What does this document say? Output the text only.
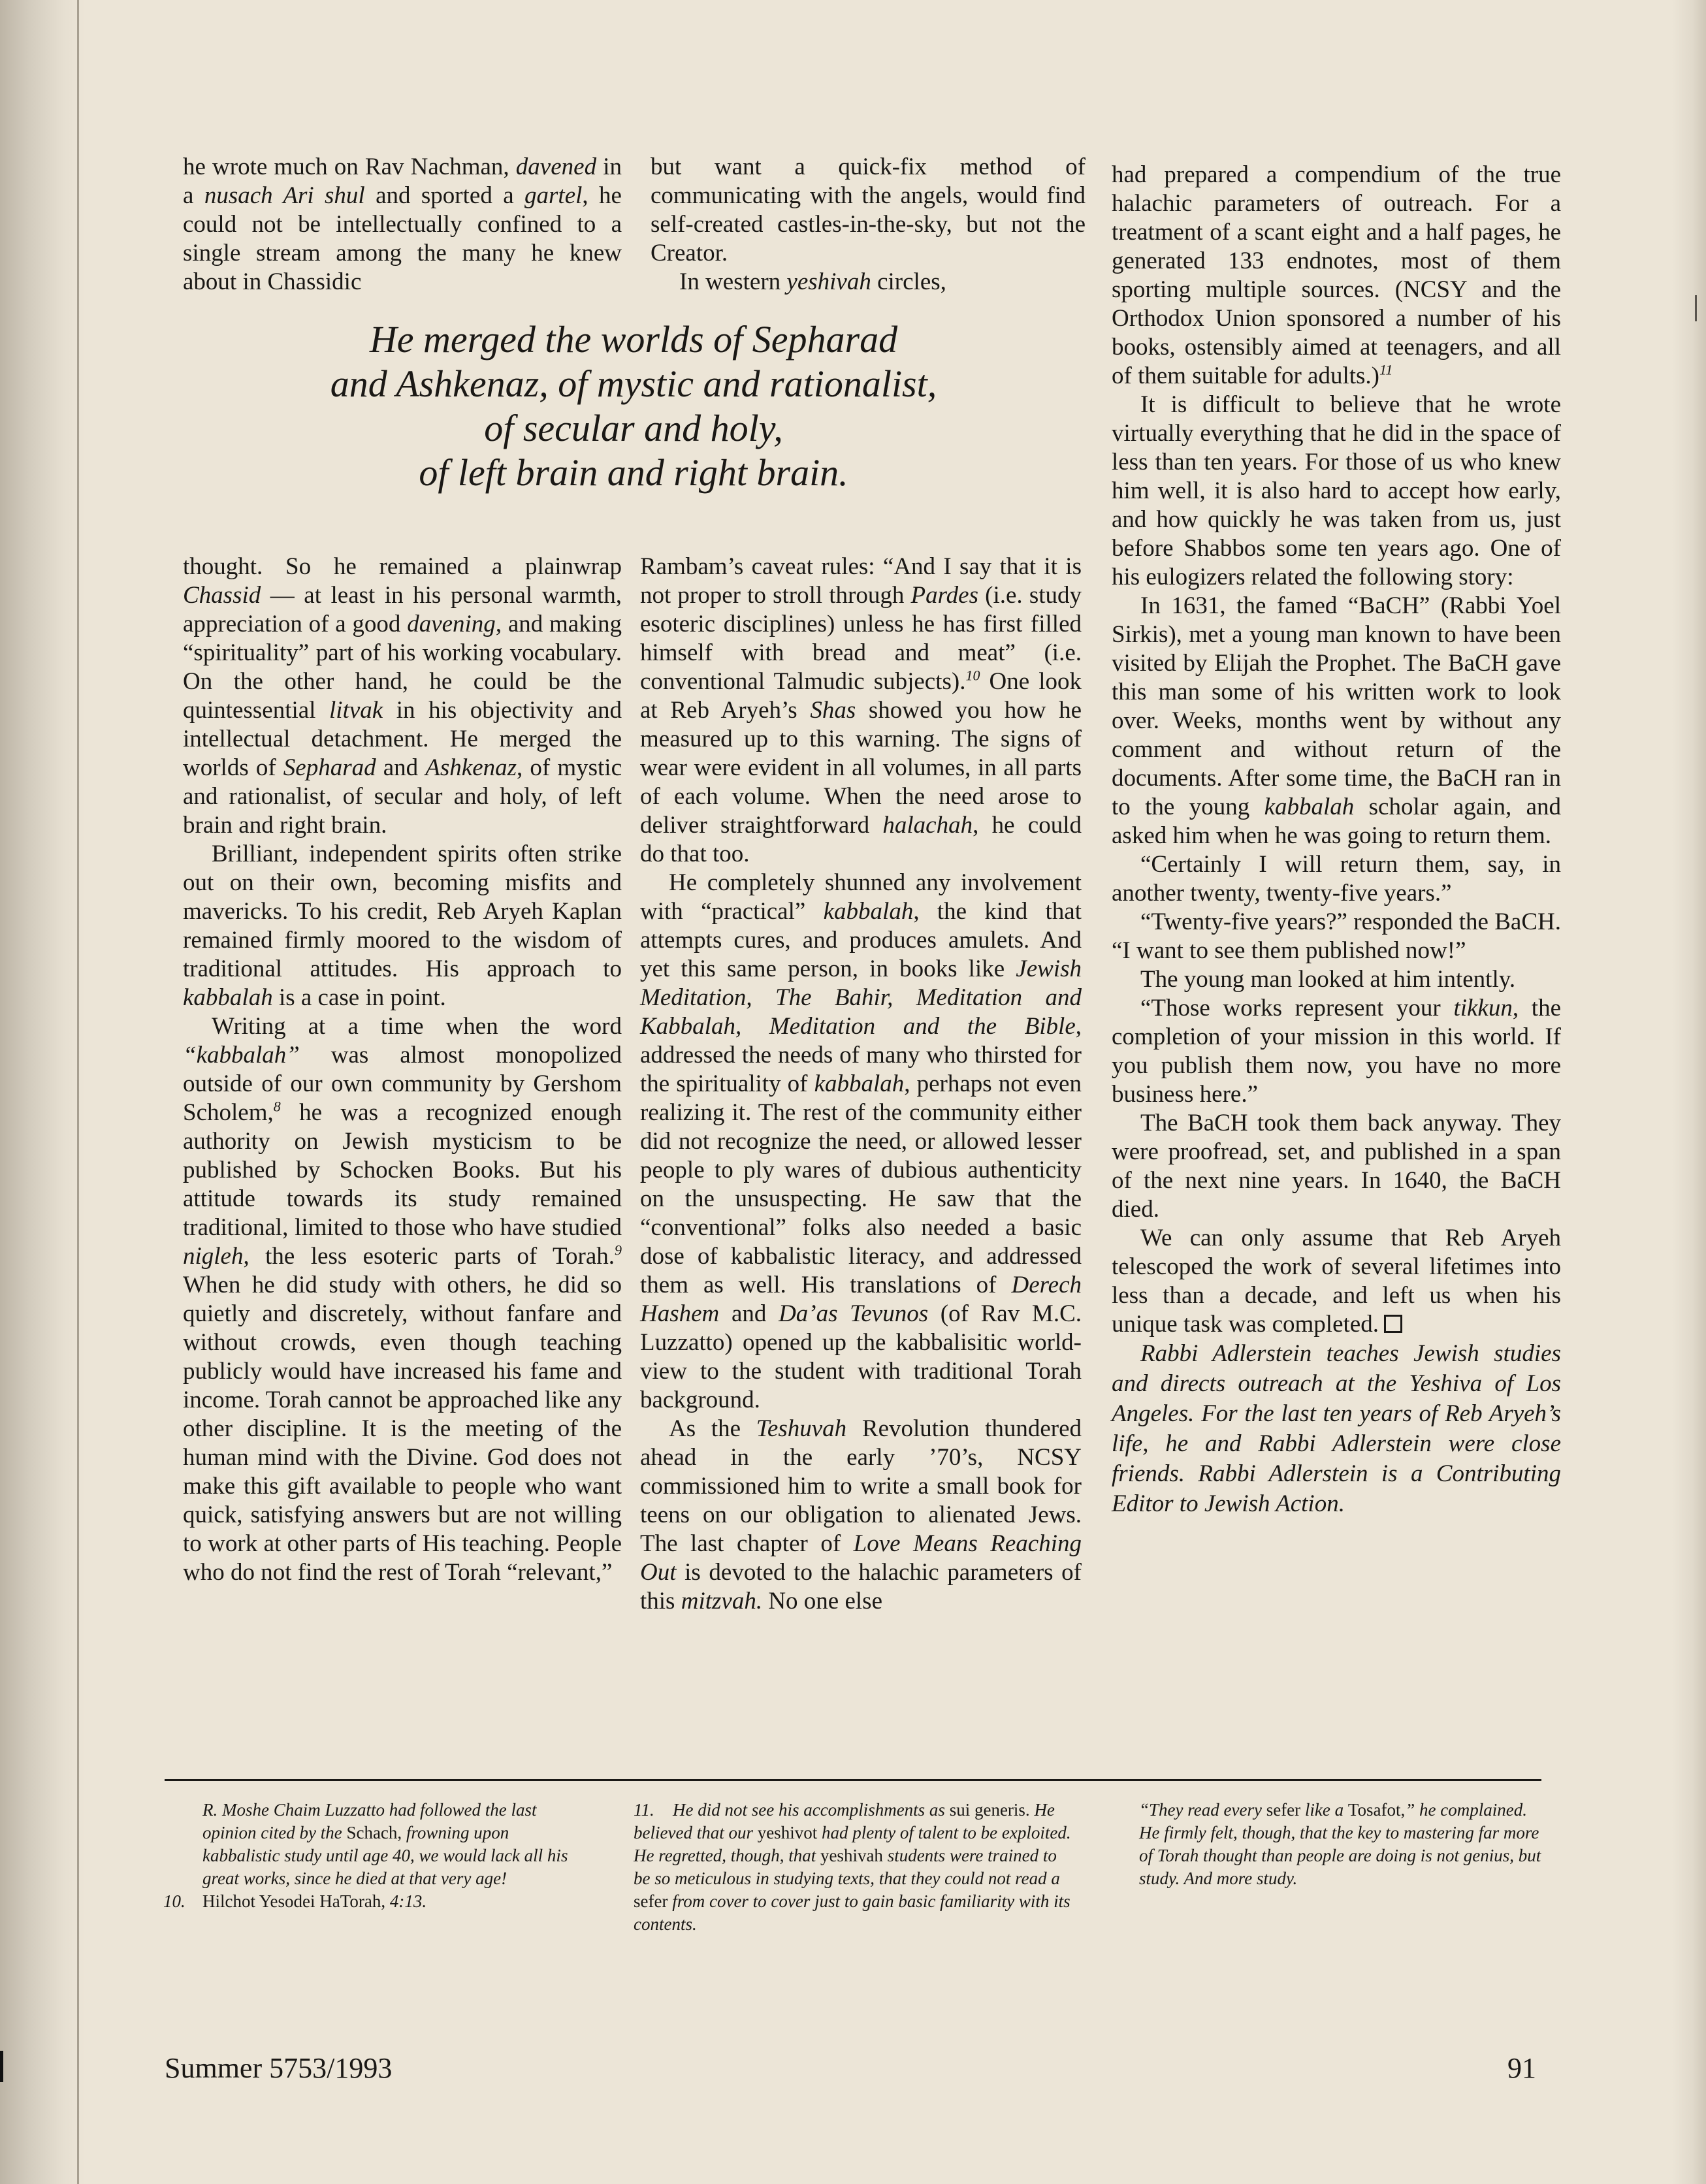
he wrote much on Rav Nachman, davened in a nusach Ari shul and sported a gartel, he could not be intellectually confined to a single stream among the many he knew about in Chassidic

but want a quick-fix method of communicating with the angels, would find self-created castles-in-the-sky, but not the Creator.

In western yeshivah circles,

He merged the worlds of Sepharad
and Ashkenaz, of mystic and rationalist,
of secular and holy,
of left brain and right brain.

thought. So he remained a plainwrap Chassid — at least in his personal warmth, appreciation of a good davening, and making “spirituality” part of his working vocabulary. On the other hand, he could be the quintessential litvak in his objectivity and intellectual detachment. He merged the worlds of Sepharad and Ashkenaz, of mystic and rationalist, of secular and holy, of left brain and right brain.

Brilliant, independent spirits often strike out on their own, becoming misfits and mavericks. To his credit, Reb Aryeh Kaplan remained firmly moored to the wisdom of traditional attitudes. His approach to kabbalah is a case in point.

Writing at a time when the word “kabbalah” was almost monopolized outside of our own community by Gershom Scholem,$^8$ he was a recognized enough authority on Jewish mysticism to be published by Schocken Books. But his attitude towards its study remained traditional, limited to those who have studied nigleh, the less esoteric parts of Torah.$^9$ When he did study with others, he did so quietly and discretely, without fanfare and without crowds, even though teaching publicly would have increased his fame and income. Torah cannot be approached like any other discipline. It is the meeting of the human mind with the Divine. God does not make this gift available to people who want quick, satisfying answers but are not willing to work at other parts of His teaching. People who do not find the rest of Torah “relevant,”

Rambam’s caveat rules: “And I say that it is not proper to stroll through Pardes (i.e. study esoteric disciplines) unless he has first filled himself with bread and meat” (i.e. conventional Talmudic subjects).$^{10}$ One look at Reb Aryeh’s Shas showed you how he measured up to this warning. The signs of wear were evident in all volumes, in all parts of each volume. When the need arose to deliver straightforward halachah, he could do that too.

He completely shunned any involvement with “practical” kabbalah, the kind that attempts cures, and produces amulets. And yet this same person, in books like Jewish Meditation, The Bahir, Meditation and Kabbalah, Meditation and the Bible, addressed the needs of many who thirsted for the spirituality of kabbalah, perhaps not even realizing it. The rest of the community either did not recognize the need, or allowed lesser people to ply wares of dubious authenticity on the unsuspecting. He saw that the “conventional” folks also needed a basic dose of kabbalistic literacy, and addressed them as well. His translations of Derech Hashem and Da’as Tevunos (of Rav M.C. Luzzatto) opened up the kabbalisitic world-view to the student with traditional Torah background.

As the Teshuvah Revolution thundered ahead in the early ’70’s, NCSY commissioned him to write a small book for teens on our obligation to alienated Jews. The last chapter of Love Means Reaching Out is devoted to the halachic parameters of this mitzvah. No one else

had prepared a compendium of the true halachic parameters of outreach. For a treatment of a scant eight and a half pages, he generated 133 endnotes, most of them sporting multiple sources. (NCSY and the Orthodox Union sponsored a number of his books, ostensibly aimed at teenagers, and all of them suitable for adults.)$^{11}$

It is difficult to believe that he wrote virtually everything that he did in the space of less than ten years. For those of us who knew him well, it is also hard to accept how early, and how quickly he was taken from us, just before Shabbos some ten years ago. One of his eulogizers related the following story:

In 1631, the famed “BaCH” (Rabbi Yoel Sirkis), met a young man known to have been visited by Elijah the Prophet. The BaCH gave this man some of his written work to look over. Weeks, months went by without any comment and without return of the documents. After some time, the BaCH ran in to the young kabbalah scholar again, and asked him when he was going to return them.

“Certainly I will return them, say, in another twenty, twenty-five years.”

“Twenty-five years?” responded the BaCH. “I want to see them published now!”

The young man looked at him intently.

“Those works represent your tikkun, the completion of your mission in this world. If you publish them now, you have no more business here.”

The BaCH took them back anyway. They were proofread, set, and published in a span of the next nine years. In 1640, the BaCH died.

We can only assume that Reb Aryeh telescoped the work of several lifetimes into less than a decade, and left us when his unique task was completed.

Rabbi Adlerstein teaches Jewish studies and directs outreach at the Yeshiva of Los Angeles. For the last ten years of Reb Aryeh’s life, he and Rabbi Adlerstein were close friends. Rabbi Adlerstein is a Contributing Editor to Jewish Action.

R. Moshe Chaim Luzzatto had followed the last opinion cited by the Schach, frowning upon kabbalistic study until age 40, we would lack all his great works, since he died at that very age!

10. Hilchot Yesodei HaTorah, 4:13.

11. He did not see his accomplishments as sui generis. He believed that our yeshivot had plenty of talent to be exploited. He regretted, though, that yeshivah students were trained to be so meticulous in studying texts, that they could not read a sefer from cover to cover just to gain basic familiarity with its contents.

“They read every sefer like a Tosafot,” he complained. He firmly felt, though, that the key to mastering far more of Torah thought than people are doing is not genius, but study. And more study.

Summer 5753/1993	91
